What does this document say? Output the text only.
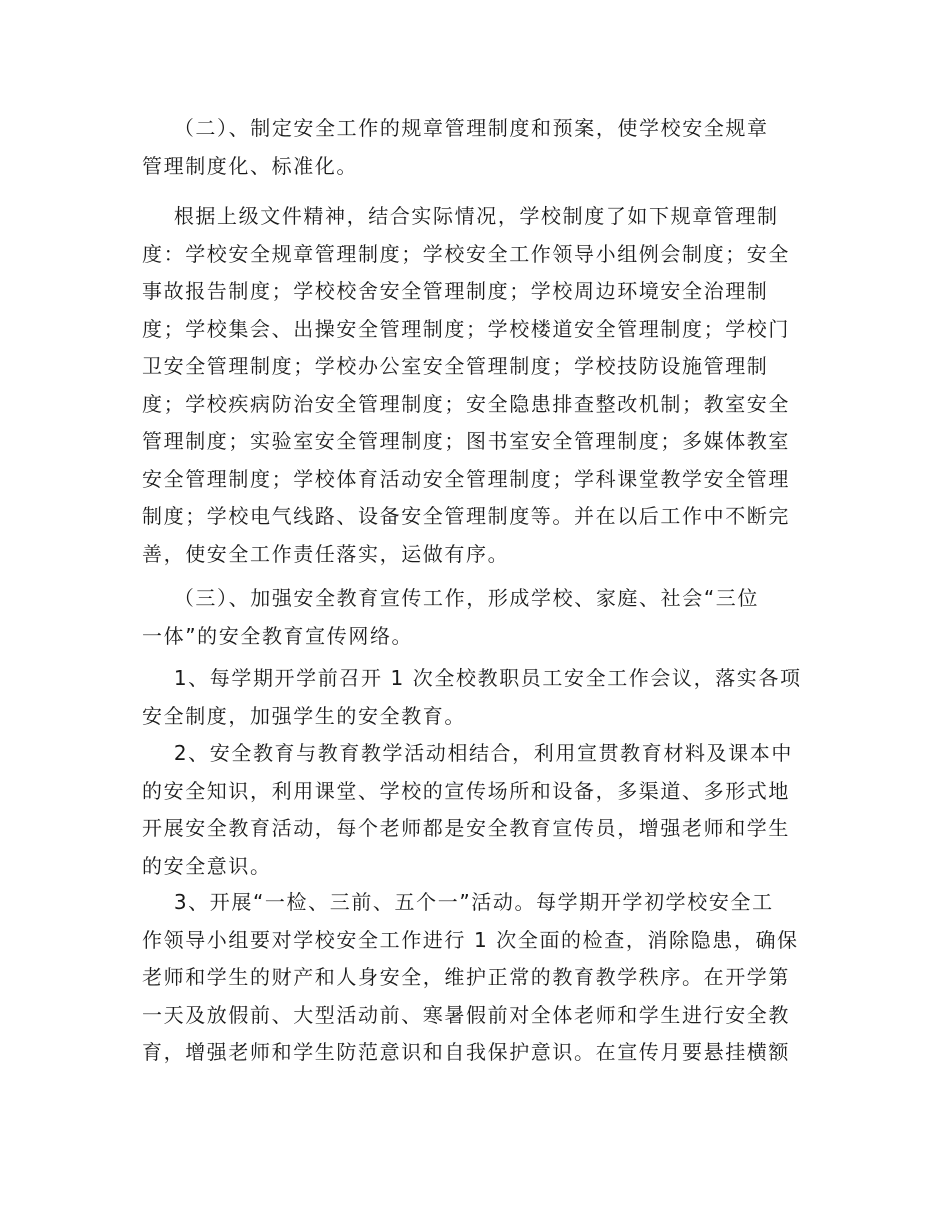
（二）、制定安全工作的规章管理制度和预案，使学校安全规章
管理制度化、标准化。
根据上级文件精神，结合实际情况，学校制度了如下规章管理制
度：学校安全规章管理制度；学校安全工作领导小组例会制度；安全
事故报告制度；学校校舍安全管理制度；学校周边环境安全治理制
度；学校集会、出操安全管理制度；学校楼道安全管理制度；学校门
卫安全管理制度；学校办公室安全管理制度；学校技防设施管理制
度；学校疾病防治安全管理制度；安全隐患排查整改机制；教室安全
管理制度；实验室安全管理制度；图书室安全管理制度；多媒体教室
安全管理制度；学校体育活动安全管理制度；学科课堂教学安全管理
制度；学校电气线路、设备安全管理制度等。并在以后工作中不断完
善，使安全工作责任落实，运做有序。
（三）、加强安全教育宣传工作，形成学校、家庭、社会“三位
一体”的安全教育宣传网络。
1、每学期开学前召开 1 次全校教职员工安全工作会议，落实各项
安全制度，加强学生的安全教育。
2、安全教育与教育教学活动相结合，利用宣贯教育材料及课本中
的安全知识，利用课堂、学校的宣传场所和设备，多渠道、多形式地
开展安全教育活动，每个老师都是安全教育宣传员，增强老师和学生
的安全意识。
3、开展“一检、三前、五个一”活动。每学期开学初学校安全工
作领导小组要对学校安全工作进行 1 次全面的检查，消除隐患，确保
老师和学生的财产和人身安全，维护正常的教育教学秩序。在开学第
一天及放假前、大型活动前、寒暑假前对全体老师和学生进行安全教
育，增强老师和学生防范意识和自我保护意识。在宣传月要悬挂横额
